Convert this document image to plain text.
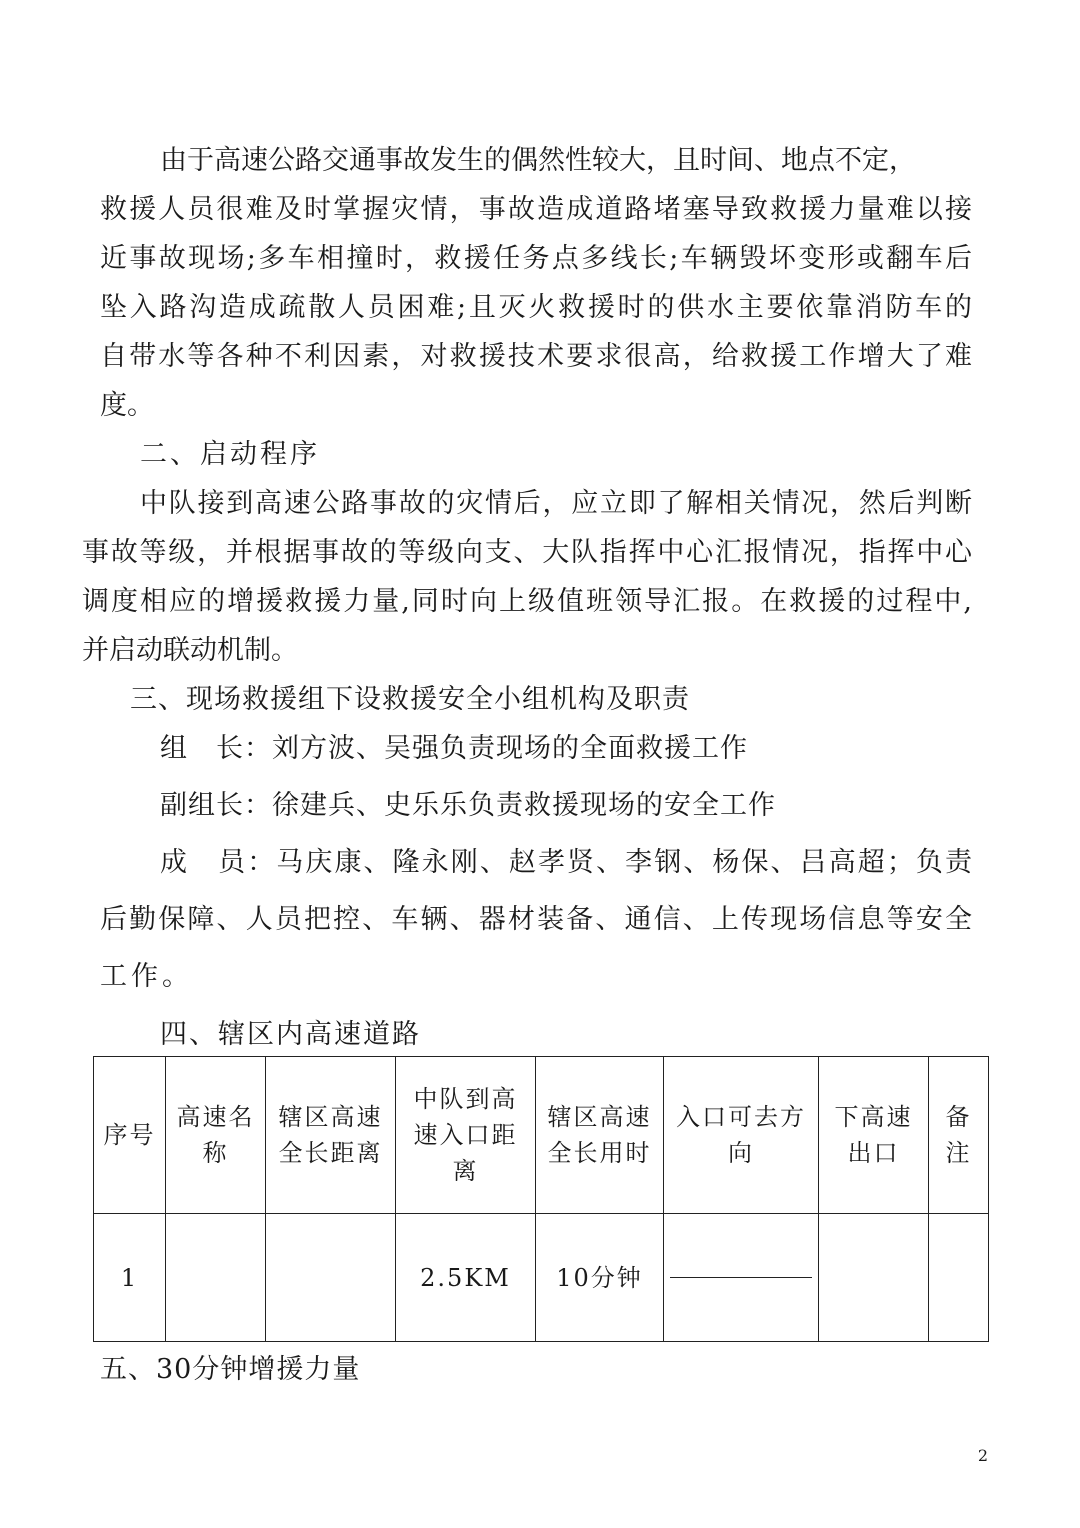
由于高速公路交通事故发生的偶然性较大，且时间、地点不定，
救援人员很难及时掌握灾情，事故造成道路堵塞导致救援力量难以接
近事故现场;多车相撞时，救援任务点多线长;车辆毁坏变形或翻车后
坠入路沟造成疏散人员困难;且灭火救援时的供水主要依靠消防车的
自带水等各种不利因素，对救援技术要求很高，给救援工作增大了难
度。
二、启动程序
中队接到高速公路事故的灾情后，应立即了解相关情况，然后判断
事故等级，并根据事故的等级向支、大队指挥中心汇报情况，指挥中心
调度相应的增援救援力量,同时向上级值班领导汇报。在救援的过程中,
并启动联动机制。
三、现场救援组下设救援安全小组机构及职责
组　长：刘方波、吴强负责现场的全面救援工作
副组长：徐建兵、史乐乐负责救援现场的安全工作
成　员：马庆康、隆永刚、赵孝贤、李钢、杨保、吕高超；负责
后勤保障、人员把控、车辆、器材装备、通信、上传现场信息等安全
工作。
四、辖区内高速道路
序号	高速名称	辖区高速全长距离	中队到高速入口距离	辖区高速全长用时	入口可去方向	下高速出口	备注
1			2.5KM	10分钟	

五、30分钟增援力量
2
